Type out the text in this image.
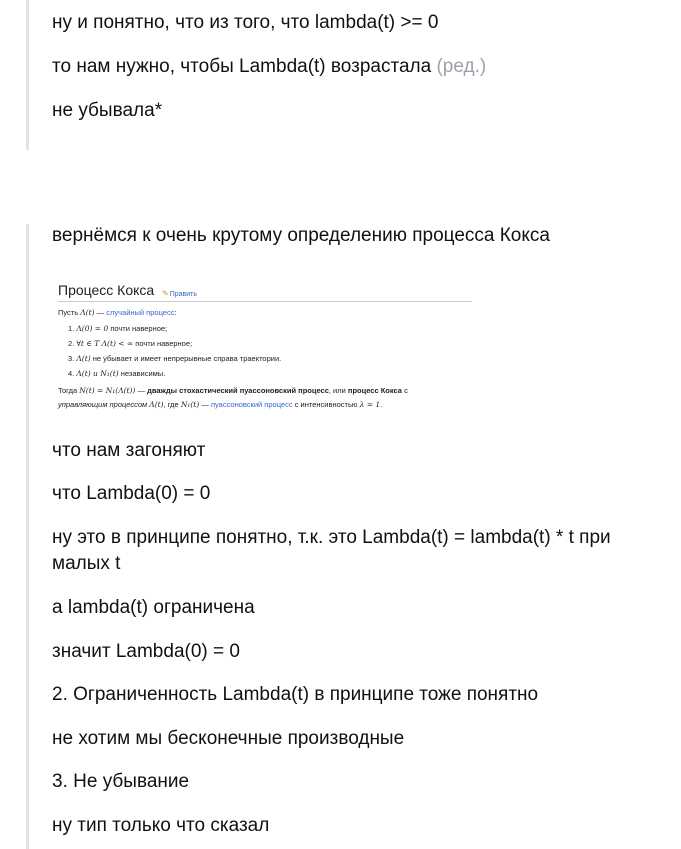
ну и понятно, что из того, что lambda(t) >= 0
то нам нужно, чтобы Lambda(t) возрастала (ред.)
не убывала*
вернёмся к очень крутому определению процесса Кокса
Процесс Кокса ✎Править
Пусть Λ(t) — случайный процесс:
1. Λ(0) = 0 почти наверное;
2. ∀t ∈ T Λ(t) < ∞ почти наверное;
3. Λ(t) не убывает и имеет непрерывные справа траектории.
4. Λ(t) и N₁(t) независимы.
Тогда N(t) = N₁(Λ(t)) — дважды стохастический пуассоновский процесс, или процесс Кокса с
управляющим процессом Λ(t), где N₁(t) — пуассоновский процесс с интенсивностью λ = 1.
что нам загоняют
что Lambda(0) = 0
ну это в принципе понятно, т.к. это Lambda(t) = lambda(t) * t при малых t
а lambda(t) ограничена
значит Lambda(0) = 0
2. Ограниченность Lambda(t) в принципе тоже понятно
не хотим мы бесконечные производные
3. Не убывание
ну тип только что сказал
